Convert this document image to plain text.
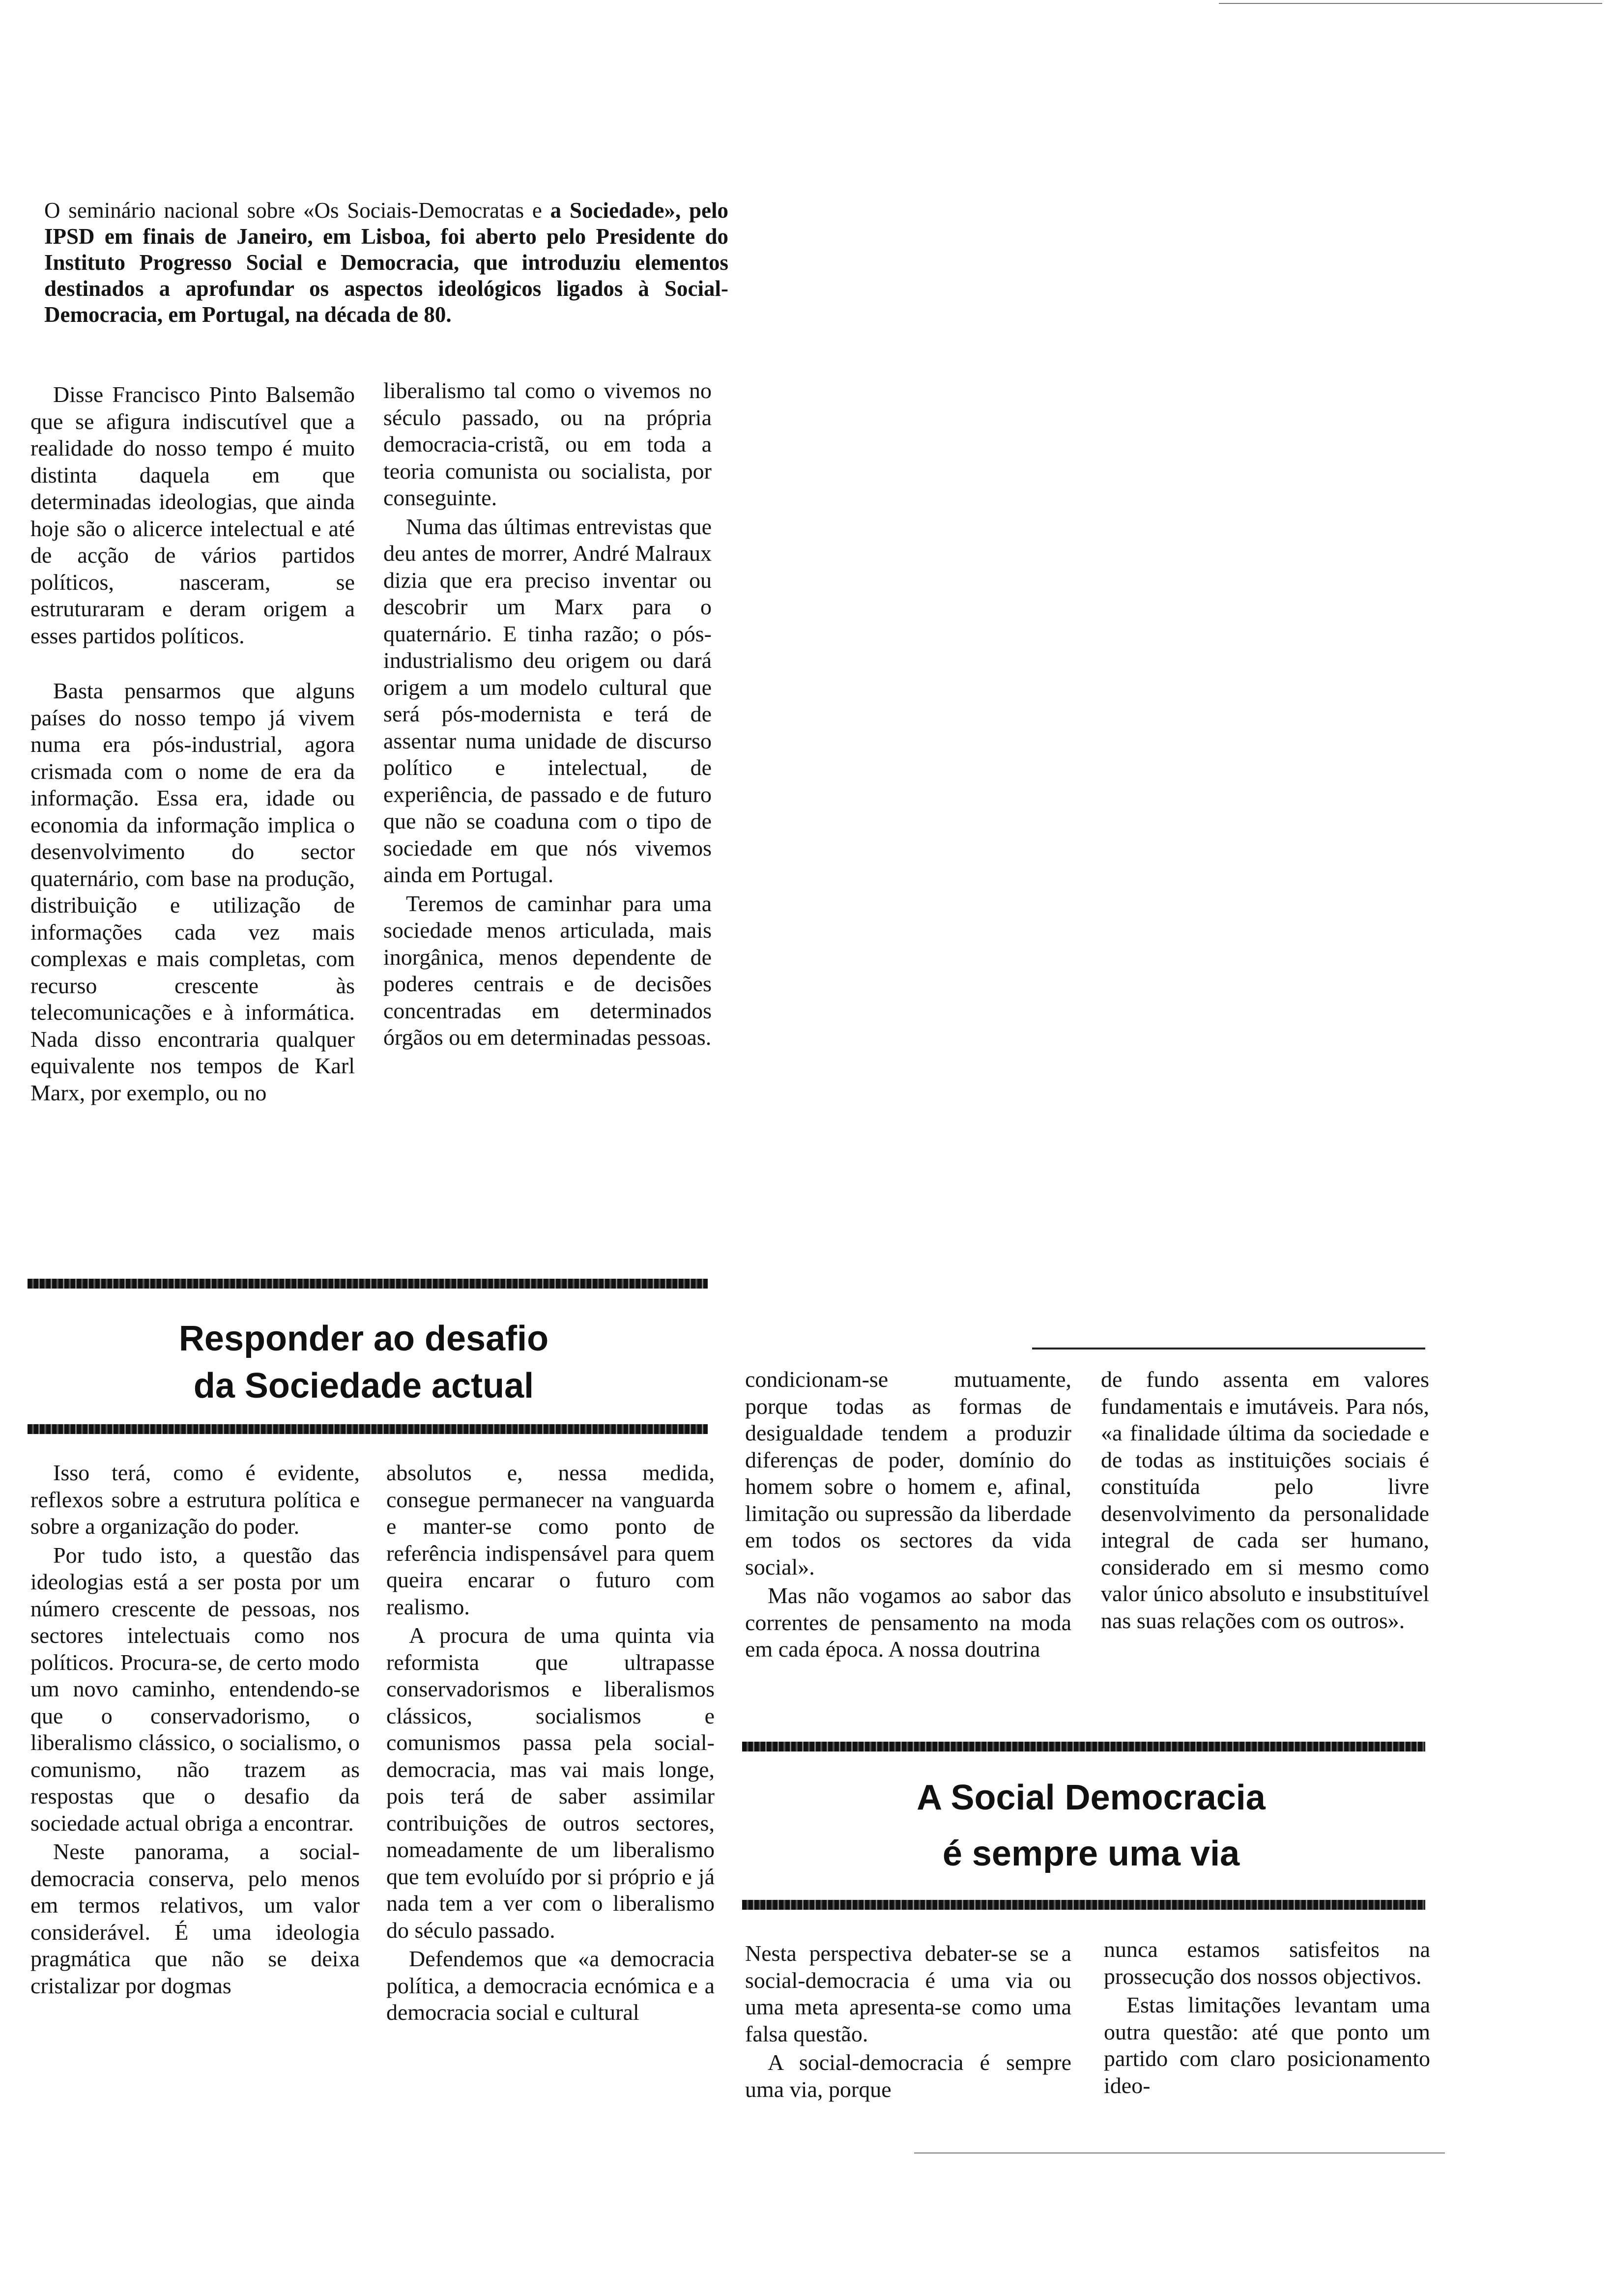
O seminário nacional sobre «Os Sociais-Democratas e a Sociedade», pelo IPSD em finais de Janeiro, em Lisboa, foi aberto pelo Presidente do Instituto Progresso Social e Democracia, que introduziu elementos destinados a aprofundar os aspectos ideológicos ligados à Social-Democracia, em Portugal, na década de 80.

Disse Francisco Pinto Balsemão que se afigura indiscutível que a realidade do nosso tempo é muito distinta daquela em que determinadas ideologias, que ainda hoje são o alicerce intelectual e até de acção de vários partidos políticos, nasceram, se estruturaram e deram origem a esses partidos políticos.

Basta pensarmos que alguns países do nosso tempo já vivem numa era pós-industrial, agora crismada com o nome de era da informação. Essa era, idade ou economia da informação implica o desenvolvimento do sector quaternário, com base na produção, distribuição e utilização de informações cada vez mais complexas e mais completas, com recurso crescente às telecomunicações e à informática. Nada disso encontraria qualquer equivalente nos tempos de Karl Marx, por exemplo, ou no

liberalismo tal como o vivemos no século passado, ou na própria democracia-cristã, ou em toda a teoria comunista ou socialista, por conseguinte.

Numa das últimas entrevistas que deu antes de morrer, André Malraux dizia que era preciso inventar ou descobrir um Marx para o quaternário. E tinha razão; o pós-industrialismo deu origem ou dará origem a um modelo cultural que será pós-modernista e terá de assentar numa unidade de discurso político e intelectual, de experiência, de passado e de futuro que não se coaduna com o tipo de sociedade em que nós vivemos ainda em Portugal.

Teremos de caminhar para uma sociedade menos articulada, mais inorgânica, menos dependente de poderes centrais e de decisões concentradas em determinados órgãos ou em determinadas pessoas.

Responder ao desafio
da Sociedade actual

Isso terá, como é evidente, reflexos sobre a estrutura política e sobre a organização do poder.

Por tudo isto, a questão das ideologias está a ser posta por um número crescente de pessoas, nos sectores intelectuais como nos políticos. Procura-se, de certo modo um novo caminho, entendendo-se que o conservadorismo, o liberalismo clássico, o socialismo, o comunismo, não trazem as respostas que o desafio da sociedade actual obriga a encontrar.

Neste panorama, a social-democracia conserva, pelo menos em termos relativos, um valor considerável. É uma ideologia pragmática que não se deixa cristalizar por dogmas

absolutos e, nessa medida, consegue permanecer na vanguarda e manter-se como ponto de referência indispensável para quem queira encarar o futuro com realismo.

A procura de uma quinta via reformista que ultrapasse conservadorismos e liberalismos clássicos, socialismos e comunismos passa pela social-democracia, mas vai mais longe, pois terá de saber assimilar contribuições de outros sectores, nomeadamente de um liberalismo que tem evoluído por si próprio e já nada tem a ver com o liberalismo do século passado.

Defendemos que «a democracia política, a democracia ecnómica e a democracia social e cultural

condicionam-se mutuamente, porque todas as formas de desigualdade tendem a produzir diferenças de poder, domínio do homem sobre o homem e, afinal, limitação ou supressão da liberdade em todos os sectores da vida social».

Mas não vogamos ao sabor das correntes de pensamento na moda em cada época. A nossa doutrina

de fundo assenta em valores fundamentais e imutáveis. Para nós, «a finalidade última da sociedade e de todas as instituições sociais é constituída pelo livre desenvolvimento da personalidade integral de cada ser humano, considerado em si mesmo como valor único absoluto e insubstituível nas suas relações com os outros».

A Social Democracia
é sempre uma via

Nesta perspectiva debater-se se a social-democracia é uma via ou uma meta apresenta-se como uma falsa questão.

A social-democracia é sempre uma via, porque

nunca estamos satisfeitos na prossecução dos nossos objectivos.

Estas limitações levantam uma outra questão: até que ponto um partido com claro posicionamento ideo-
